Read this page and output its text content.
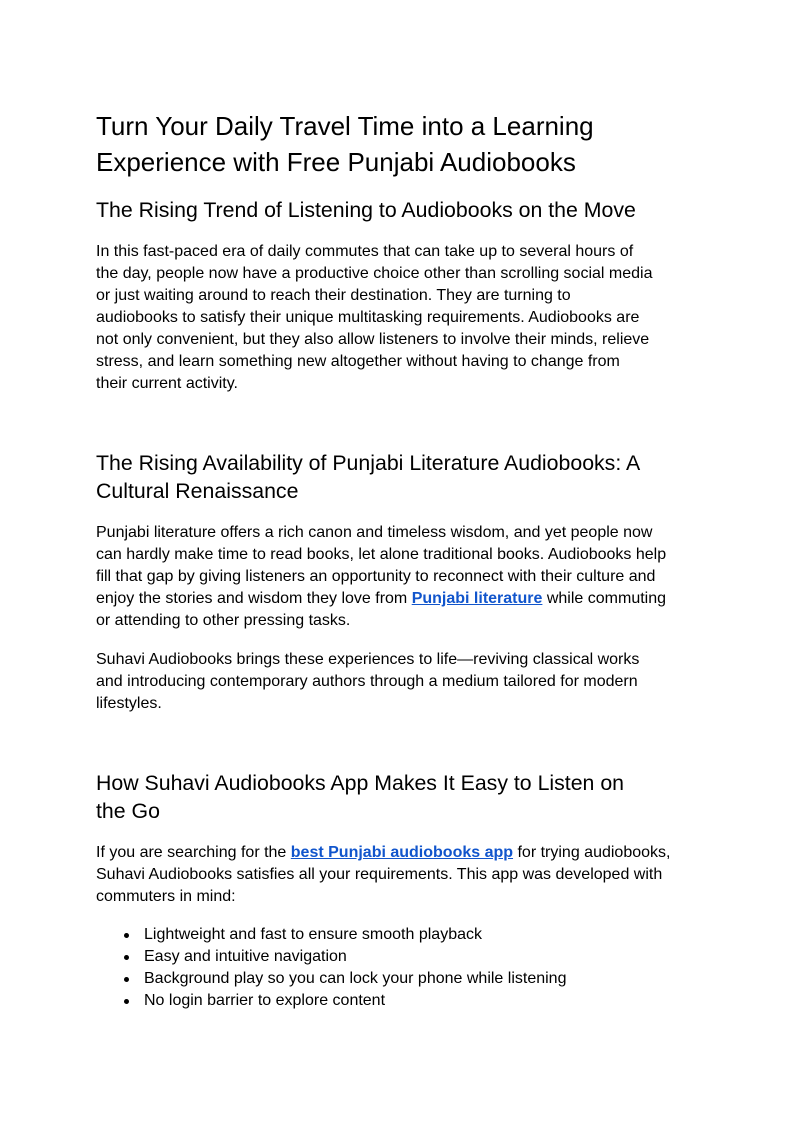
Turn Your Daily Travel Time into a Learning Experience with Free Punjabi Audiobooks
The Rising Trend of Listening to Audiobooks on the Move

In this fast-paced era of daily commutes that can take up to several hours of the day, people now have a productive choice other than scrolling social media or just waiting around to reach their destination. They are turning to audiobooks to satisfy their unique multitasking requirements. Audiobooks are not only convenient, but they also allow listeners to involve their minds, relieve stress, and learn something new altogether without having to change from their current activity.

The Rising Availability of Punjabi Literature Audiobooks: A Cultural Renaissance

Punjabi literature offers a rich canon and timeless wisdom, and yet people now can hardly make time to read books, let alone traditional books. Audiobooks help fill that gap by giving listeners an opportunity to reconnect with their culture and enjoy the stories and wisdom they love from Punjabi literature while commuting or attending to other pressing tasks.

Suhavi Audiobooks brings these experiences to life—reviving classical works and introducing contemporary authors through a medium tailored for modern lifestyles.

How Suhavi Audiobooks App Makes It Easy to Listen on the Go

If you are searching for the best Punjabi audiobooks app for trying audiobooks, Suhavi Audiobooks satisfies all your requirements. This app was developed with commuters in mind:

Lightweight and fast to ensure smooth playback
Easy and intuitive navigation
Background play so you can lock your phone while listening
No login barrier to explore content
